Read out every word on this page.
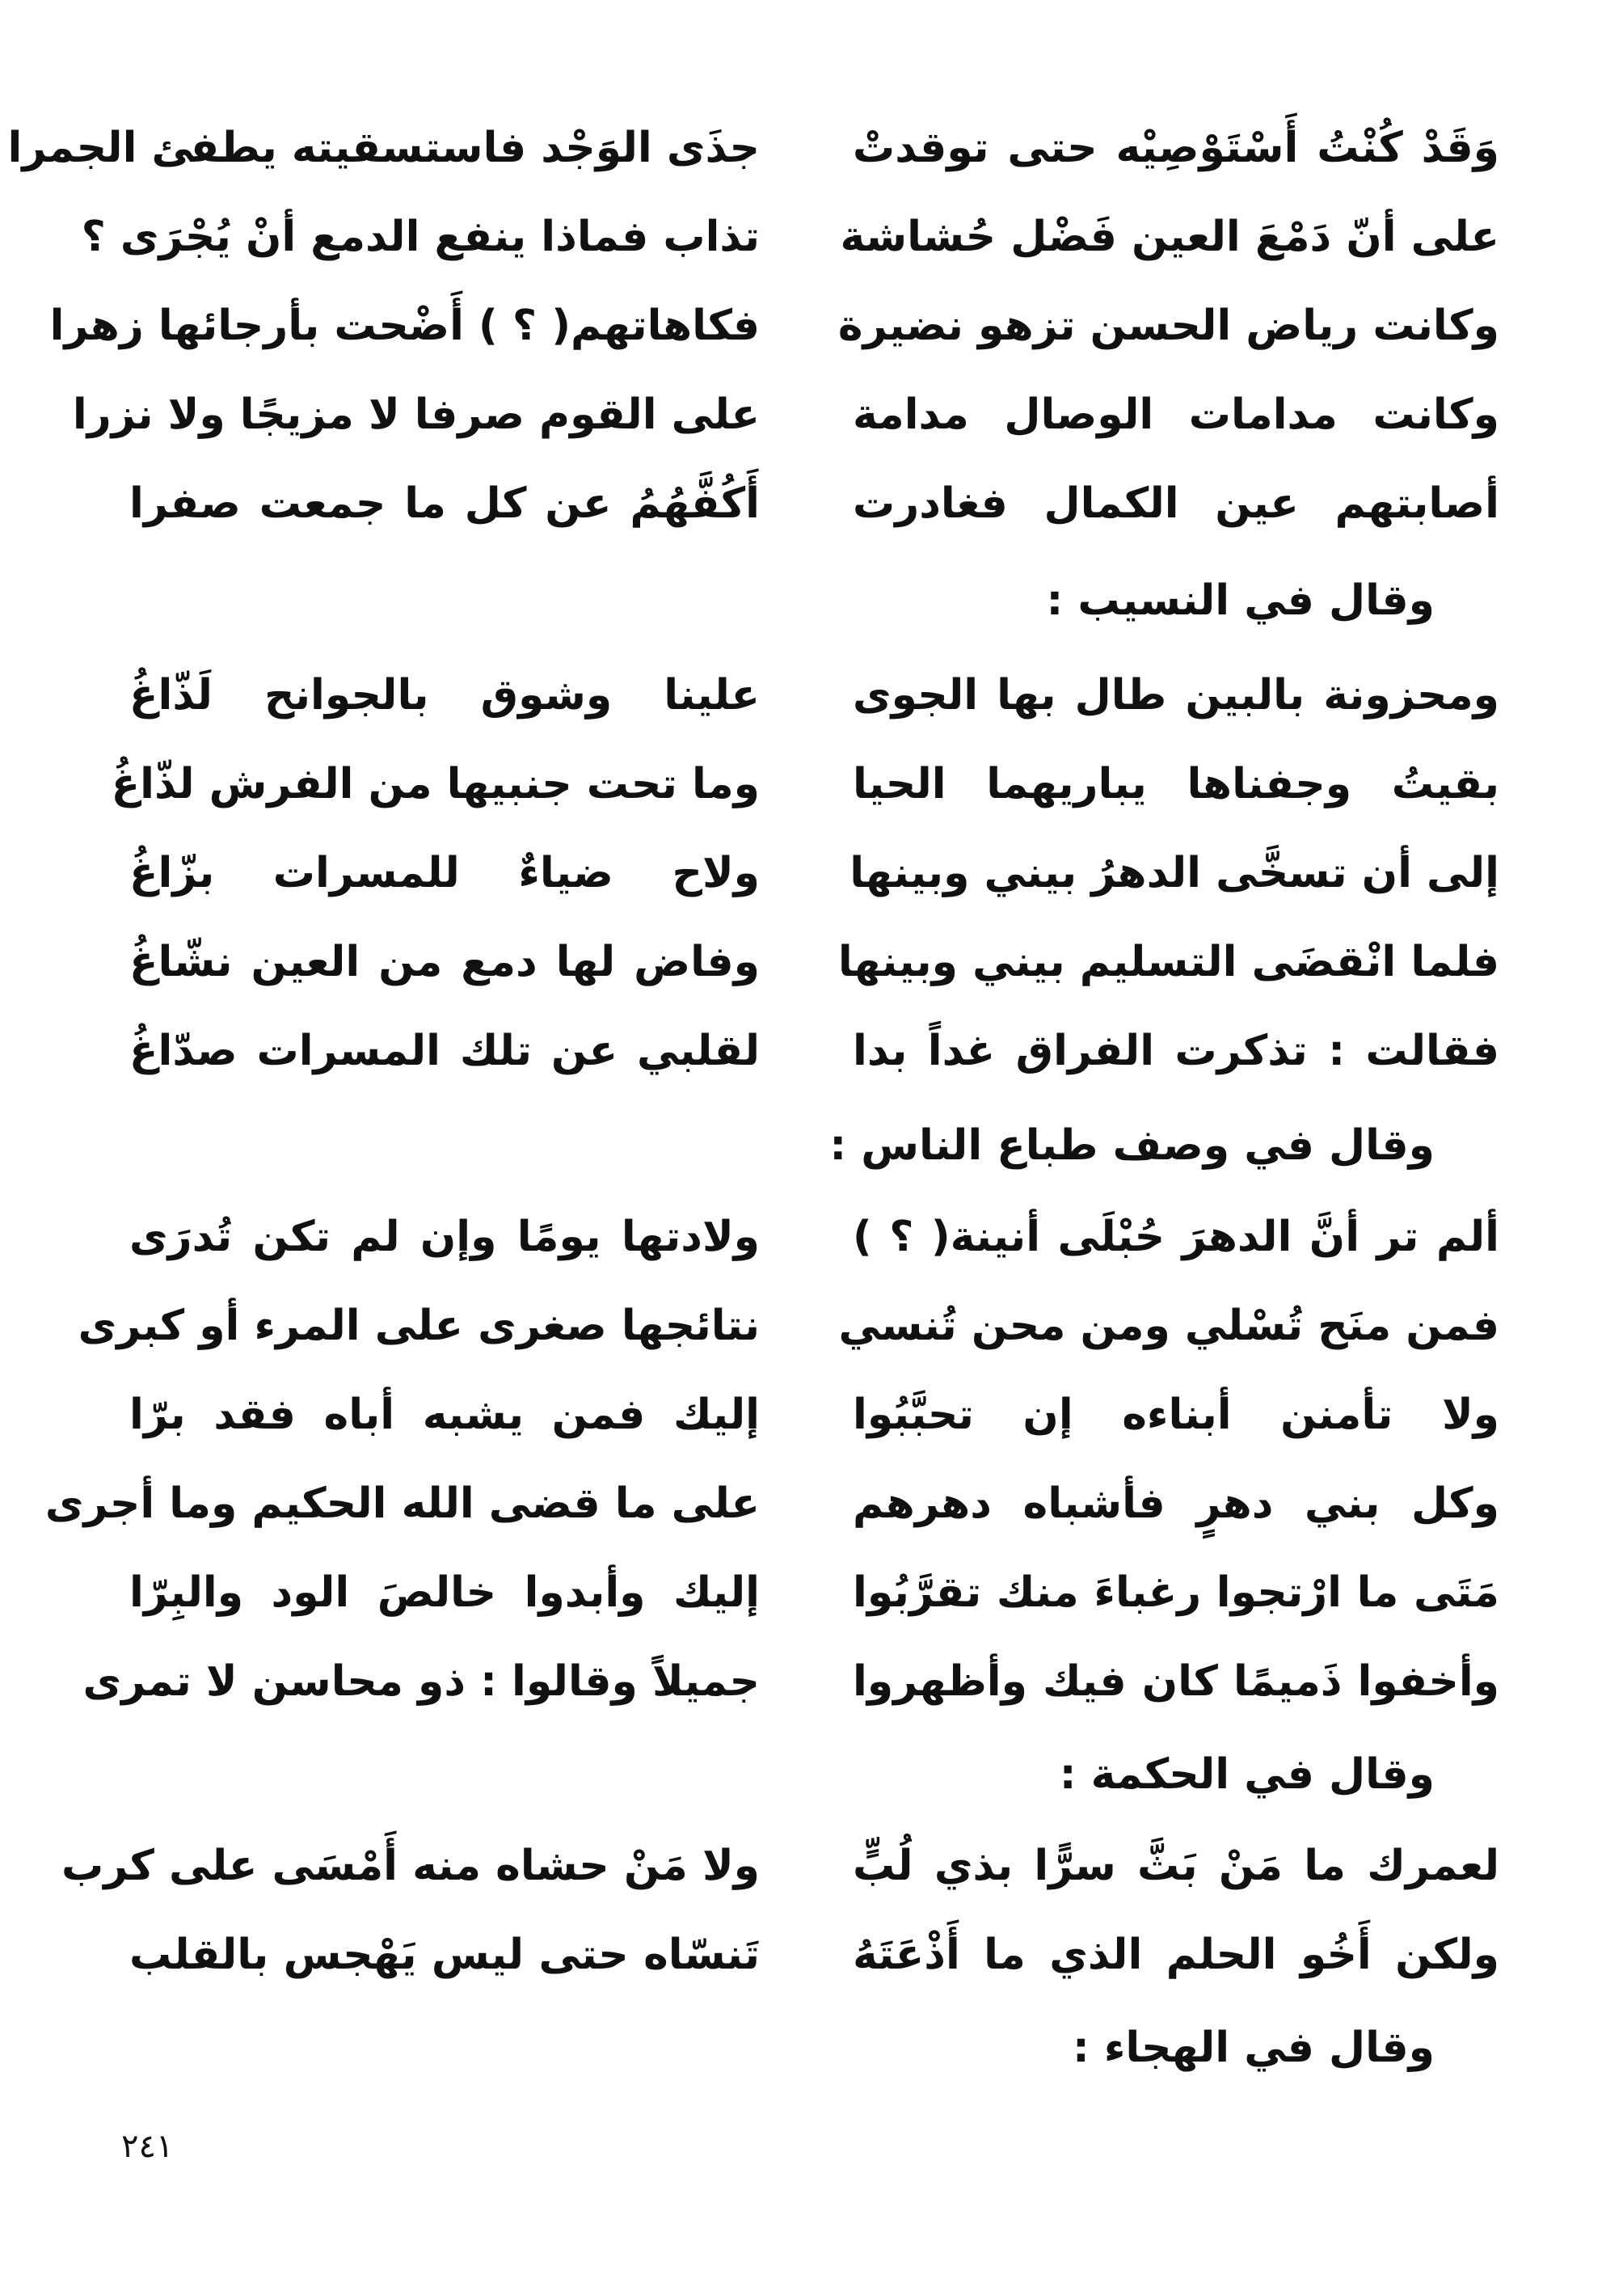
وَقَدْ كُنْتُ أَسْتَوْصِيْه حتى توقدتْ
جذَى الوَجْد فاستسقيته يطفئ الجمرا
على أنّ دَمْعَ العين فَضْل حُشاشة
تذاب فماذا ينفع الدمع أنْ يُجْرَى ؟
وكانت رياض الحسن تزهو نضيرة
فكاهاتهم( ؟ ) أَضْحت بأرجائها زهرا
وكانت مدامات الوصال مدامة
على القوم صرفا لا مزيجًا ولا نزرا
أصابتهم عين الكمال فغادرت
أَكُفَّهُمُ عن كل ما جمعت صفرا
وقال في النسيب :
ومحزونة بالبين طال بها الجوى
علينا وشوق بالجوانح لَذّاغُ
بقيتُ وجفناها يباريهما الحيا
وما تحت جنبيها من الفرش لذّاغُ
إلى أن تسخَّى الدهرُ بيني وبينها
ولاح ضياءٌ للمسرات بزّاغُ
فلما انْقضَى التسليم بيني وبينها
وفاض لها دمع من العين نشّاغُ
فقالت : تذكرت الفراق غداً بدا
لقلبي عن تلك المسرات صدّاغُ
وقال في وصف طباع الناس :
ألم تر أنَّ الدهرَ حُبْلَى أنينة( ؟ )
ولادتها يومًا وإن لم تكن تُدرَى
فمن منَح تُسْلي ومن محن تُنسي
نتائجها صغرى على المرء أو كبرى
ولا تأمنن أبناءه إن تحبَّبُوا
إليك فمن يشبه أباه فقد برّا
وكل بني دهرٍ فأشباه دهرهم
على ما قضى الله الحكيم وما أجرى
مَتَى ما ارْتجوا رغباءَ منك تقرَّبُوا
إليك وأبدوا خالصَ الود والبِرّا
وأخفوا ذَميمًا كان فيك وأظهروا
جميلاً وقالوا : ذو محاسن لا تمرى
وقال في الحكمة :
لعمرك ما مَنْ بَثَّ سرًّا بذي لُبٍّ
ولا مَنْ حشاه منه أَمْسَى على كرب
ولكن أَخُو الحلم الذي ما أَذْعَتَهُ
تَنسّاه حتى ليس يَهْجس بالقلب
وقال في الهجاء :
٢٤١
